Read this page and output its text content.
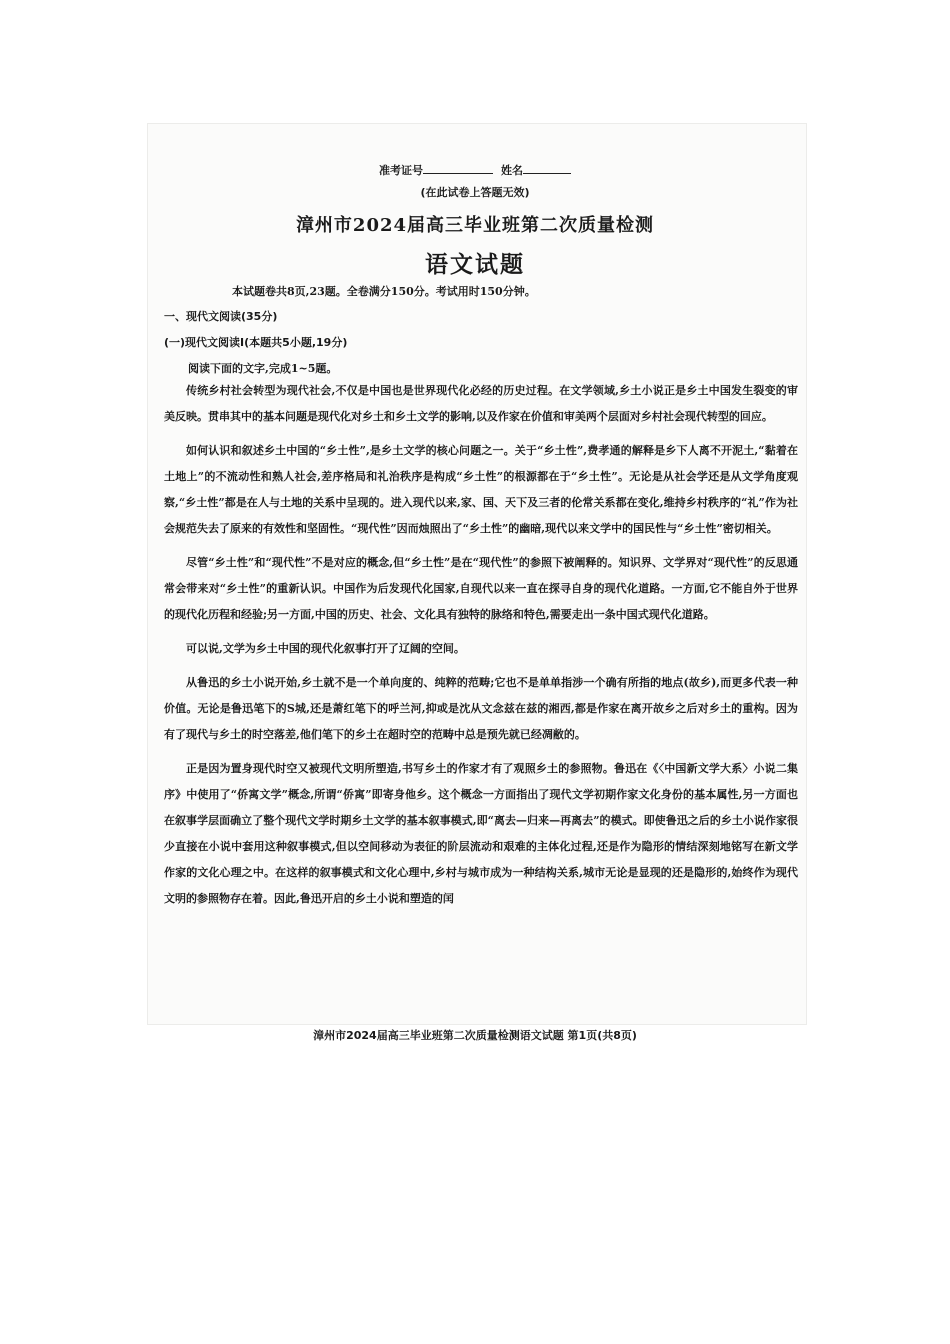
准考证号	姓名
(在此试卷上答题无效)
漳州市2024届高三毕业班第二次质量检测
语文试题
本试题卷共8页,23题。全卷满分150分。考试用时150分钟。
一、现代文阅读(35分)
(一)现代文阅读Ⅰ(本题共5小题,19分)
阅读下面的文字,完成1~5题。

传统乡村社会转型为现代社会,不仅是中国也是世界现代化必经的历史过程。在文学领域,乡土小说正是乡土中国发生裂变的审美反映。贯串其中的基本问题是现代化对乡土和乡土文学的影响,以及作家在价值和审美两个层面对乡村社会现代转型的回应。

如何认识和叙述乡土中国的“乡土性”,是乡土文学的核心问题之一。关于“乡土性”,费孝通的解释是乡下人离不开泥土,“黏着在土地上”的不流动性和熟人社会,差序格局和礼治秩序是构成“乡土性”的根源都在于“乡土性”。无论是从社会学还是从文学角度观察,“乡土性”都是在人与土地的关系中呈现的。进入现代以来,家、国、天下及三者的伦常关系都在变化,维持乡村秩序的“礼”作为社会规范失去了原来的有效性和坚固性。“现代性”因而烛照出了“乡土性”的幽暗,现代以来文学中的国民性与“乡土性”密切相关。

尽管“乡土性”和“现代性”不是对应的概念,但“乡土性”是在“现代性”的参照下被阐释的。知识界、文学界对“现代性”的反思通常会带来对“乡土性”的重新认识。中国作为后发现代化国家,自现代以来一直在探寻自身的现代化道路。一方面,它不能自外于世界的现代化历程和经验;另一方面,中国的历史、社会、文化具有独特的脉络和特色,需要走出一条中国式现代化道路。

可以说,文学为乡土中国的现代化叙事打开了辽阔的空间。

从鲁迅的乡土小说开始,乡土就不是一个单向度的、纯粹的范畴;它也不是单单指涉一个确有所指的地点(故乡),而更多代表一种价值。无论是鲁迅笔下的S城,还是萧红笔下的呼兰河,抑或是沈从文念兹在兹的湘西,都是作家在离开故乡之后对乡土的重构。因为有了现代与乡土的时空落差,他们笔下的乡土在超时空的范畴中总是预先就已经凋敝的。

正是因为置身现代时空又被现代文明所塑造,书写乡土的作家才有了观照乡土的参照物。鲁迅在《〈中国新文学大系〉小说二集序》中使用了“侨寓文学”概念,所谓“侨寓”即寄身他乡。这个概念一方面指出了现代文学初期作家文化身份的基本属性,另一方面也在叙事学层面确立了整个现代文学时期乡土文学的基本叙事模式,即“离去—归来—再离去”的模式。即使鲁迅之后的乡土小说作家很少直接在小说中套用这种叙事模式,但以空间移动为表征的阶层流动和艰难的主体化过程,还是作为隐形的情结深刻地铭写在新文学作家的文化心理之中。在这样的叙事模式和文化心理中,乡村与城市成为一种结构关系,城市无论是显现的还是隐形的,始终作为现代文明的参照物存在着。因此,鲁迅开启的乡土小说和塑造的闰

漳州市2024届高三毕业班第二次质量检测语文试题 第1页(共8页)
